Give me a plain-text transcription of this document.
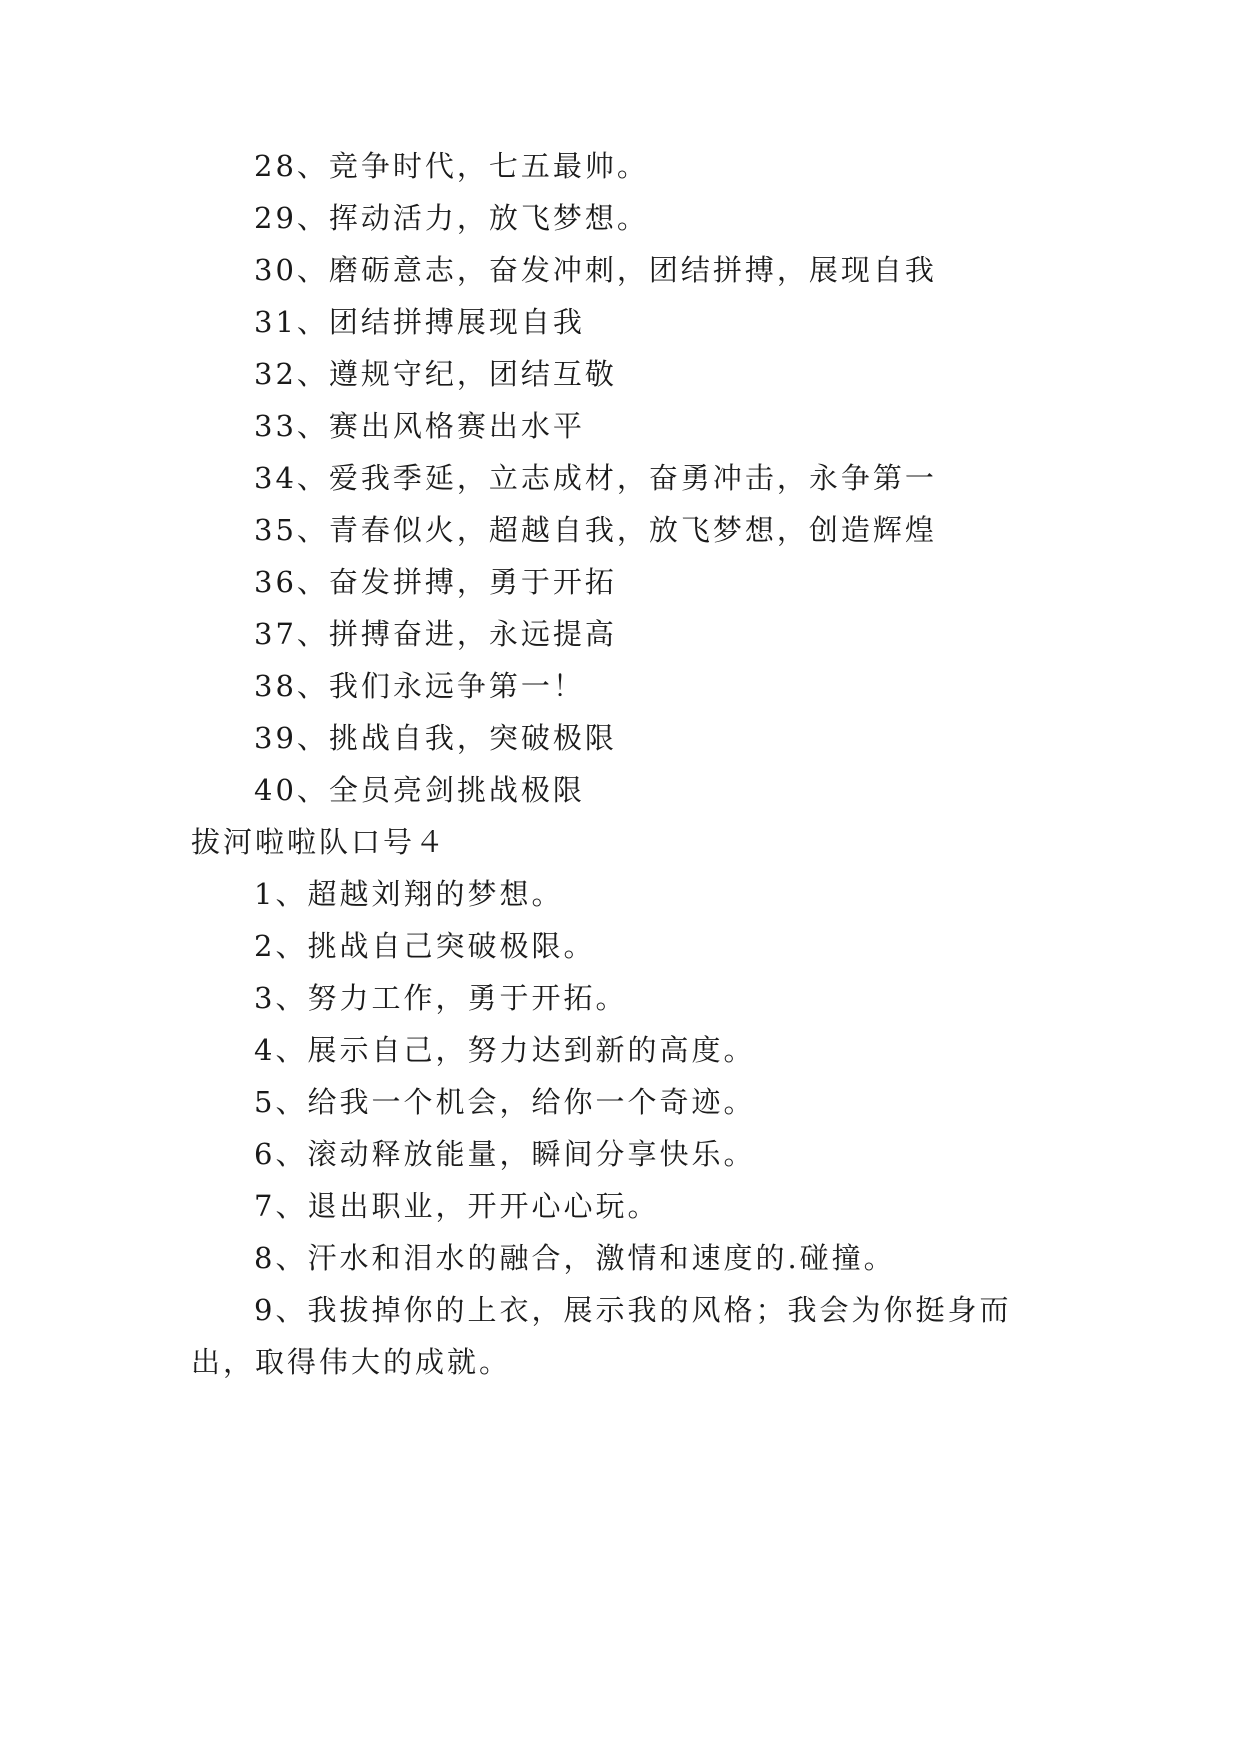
28、竞争时代，七五最帅。
29、挥动活力，放飞梦想。
30、磨砺意志，奋发冲刺，团结拼搏，展现自我
31、团结拼搏展现自我
32、遵规守纪，团结互敬
33、赛出风格赛出水平
34、爱我季延，立志成材，奋勇冲击，永争第一
35、青春似火，超越自我，放飞梦想，创造辉煌
36、奋发拼搏，勇于开拓
37、拼搏奋进，永远提高
38、我们永远争第一！
39、挑战自我，突破极限
40、全员亮剑挑战极限
拔河啦啦队口号４
1、超越刘翔的梦想。
2、挑战自己突破极限。
3、努力工作，勇于开拓。
4、展示自己，努力达到新的高度。
5、给我一个机会，给你一个奇迹。
6、滚动释放能量，瞬间分享快乐。
7、退出职业，开开心心玩。
8、汗水和泪水的融合，激情和速度的.碰撞。
9、我拔掉你的上衣，展示我的风格；我会为你挺身而
出，取得伟大的成就。
